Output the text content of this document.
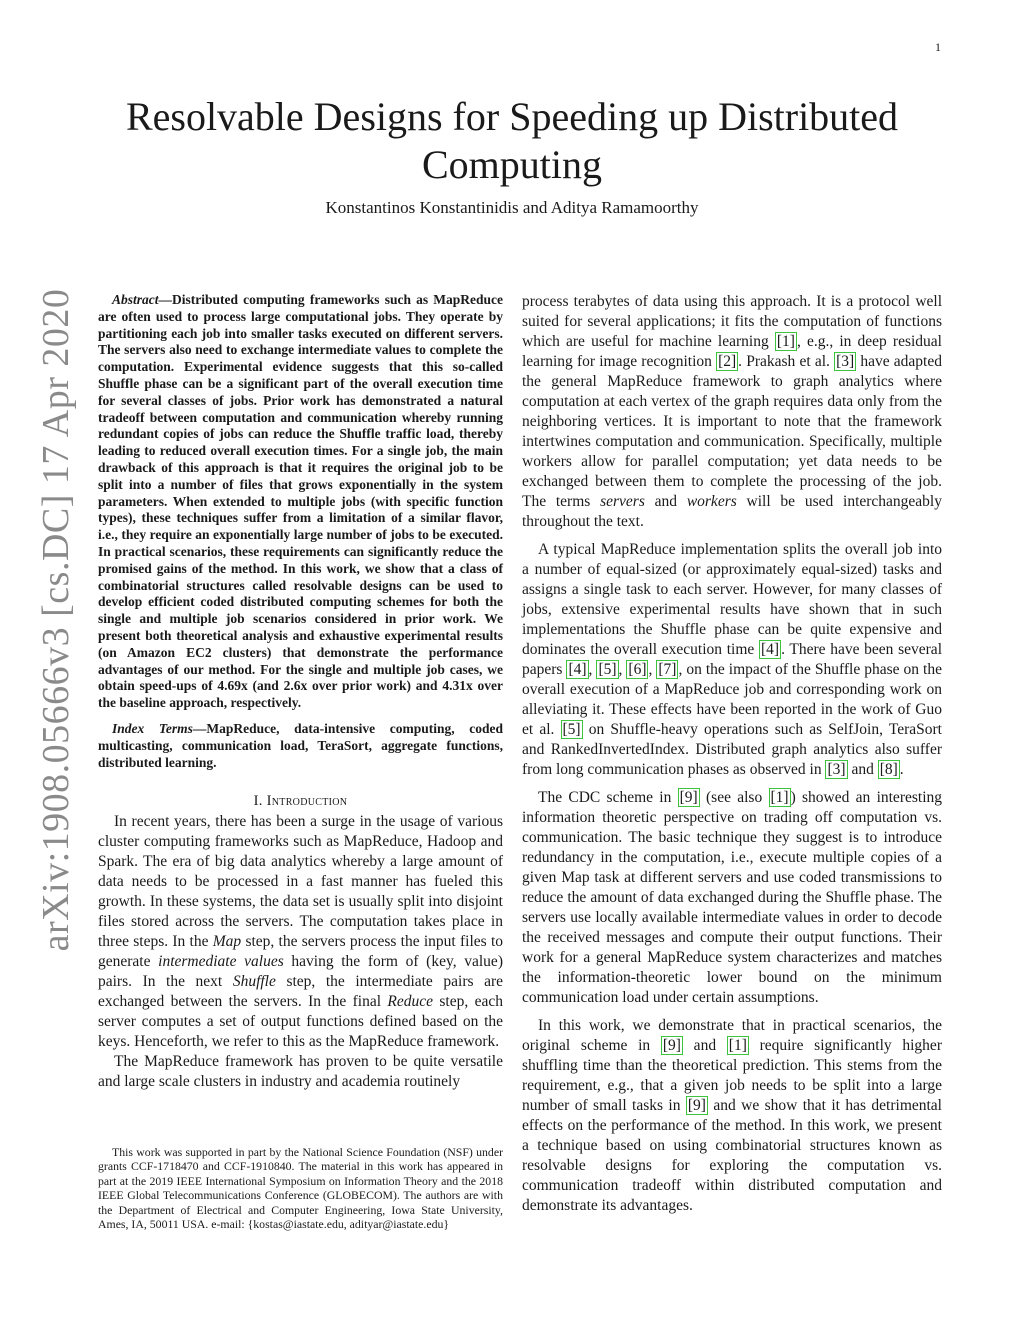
1
arXiv:1908.05666v3 [cs.DC] 17 Apr 2020
Resolvable Designs for Speeding up Distributed Computing
Konstantinos Konstantinidis and Aditya Ramamoorthy

Abstract—Distributed computing frameworks such as MapReduce are often used to process large computational jobs. They operate by partitioning each job into smaller tasks executed on different servers. The servers also need to exchange intermediate values to complete the computation. Experimental evidence suggests that this so-called Shuffle phase can be a significant part of the overall execution time for several classes of jobs. Prior work has demonstrated a natural tradeoff between computation and communication whereby running redundant copies of jobs can reduce the Shuffle traffic load, thereby leading to reduced overall execution times. For a single job, the main drawback of this approach is that it requires the original job to be split into a number of files that grows exponentially in the system parameters. When extended to multiple jobs (with specific function types), these techniques suffer from a limitation of a similar flavor, i.e., they require an exponentially large number of jobs to be executed. In practical scenarios, these requirements can significantly reduce the promised gains of the method. In this work, we show that a class of combinatorial structures called resolvable designs can be used to develop efficient coded distributed computing schemes for both the single and multiple job scenarios considered in prior work. We present both theoretical analysis and exhaustive experimental results (on Amazon EC2 clusters) that demonstrate the performance advantages of our method. For the single and multiple job cases, we obtain speed-ups of 4.69x (and 2.6x over prior work) and 4.31x over the baseline approach, respectively.

Index Terms—MapReduce, data-intensive computing, coded multicasting, communication load, TeraSort, aggregate functions, distributed learning.

I. Introduction

In recent years, there has been a surge in the usage of various cluster computing frameworks such as MapReduce, Hadoop and Spark. The era of big data analytics whereby a large amount of data needs to be processed in a fast manner has fueled this growth. In these systems, the data set is usually split into disjoint files stored across the servers. The computation takes place in three steps. In the Map step, the servers process the input files to generate intermediate values having the form of (key, value) pairs. In the next Shuffle step, the intermediate pairs are exchanged between the servers. In the final Reduce step, each server computes a set of output functions defined based on the keys. Henceforth, we refer to this as the MapReduce framework.

The MapReduce framework has proven to be quite versatile and large scale clusters in industry and academia routinely

This work was supported in part by the National Science Foundation (NSF) under grants CCF-1718470 and CCF-1910840. The material in this work has appeared in part at the 2019 IEEE International Symposium on Information Theory and the 2018 IEEE Global Telecommunications Conference (GLOBECOM). The authors are with the Department of Electrical and Computer Engineering, Iowa State University, Ames, IA, 50011 USA. e-mail: {kostas@iastate.edu, adityar@iastate.edu}

process terabytes of data using this approach. It is a protocol well suited for several applications; it fits the computation of functions which are useful for machine learning [1] , e.g., in deep residual learning for image recognition [2] . Prakash et al. [3] have adapted the general MapReduce framework to graph analytics where computation at each vertex of the graph requires data only from the neighboring vertices. It is important to note that the framework intertwines computation and communication. Specifically, multiple workers allow for parallel computation; yet data needs to be exchanged between them to complete the processing of the job. The terms servers and workers will be used interchangeably throughout the text.

A typical MapReduce implementation splits the overall job into a number of equal-sized (or approximately equal-sized) tasks and assigns a single task to each server. However, for many classes of jobs, extensive experimental results have shown that in such implementations the Shuffle phase can be quite expensive and dominates the overall execution time [4] . There have been several papers [4] , [5] , [6] , [7] , on the impact of the Shuffle phase on the overall execution of a MapReduce job and corresponding work on alleviating it. These effects have been reported in the work of Guo et al. [5] on Shuffle-heavy operations such as SelfJoin, TeraSort and RankedInvertedIndex. Distributed graph analytics also suffer from long communication phases as observed in [3] and [8] .

The CDC scheme in [9] (see also [1] ) showed an interesting information theoretic perspective on trading off computation vs. communication. The basic technique they suggest is to introduce redundancy in the computation, i.e., execute multiple copies of a given Map task at different servers and use coded transmissions to reduce the amount of data exchanged during the Shuffle phase. The servers use locally available intermediate values in order to decode the received messages and compute their output functions. Their work for a general MapReduce system characterizes and matches the information-theoretic lower bound on the minimum communication load under certain assumptions.

In this work, we demonstrate that in practical scenarios, the original scheme in [9] and [1] require significantly higher shuffling time than the theoretical prediction. This stems from the requirement, e.g., that a given job needs to be split into a large number of small tasks in [9] and we show that it has detrimental effects on the performance of the method. In this work, we present a technique based on using combinatorial structures known as resolvable designs for exploring the computation vs. communication tradeoff within distributed computation and demonstrate its advantages.
